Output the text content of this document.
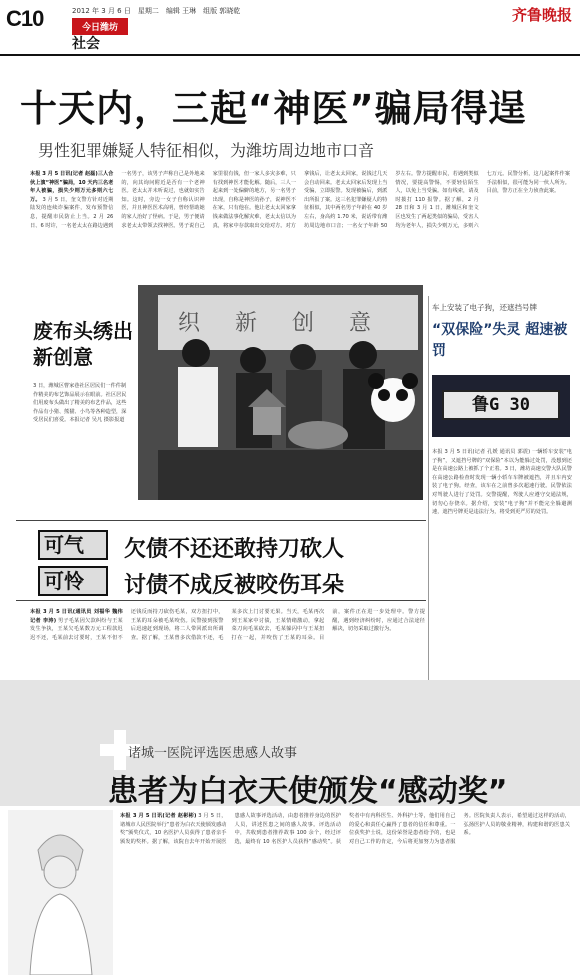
C10	2012 年 3 月 6 日　星期二　编辑 王琳　组版 郭晓乾
今日潍坊
社会
齐鲁晚报
十天内，三起“神医”骗局得逞
男性犯罪嫌疑人特征相似，为潍坊周边地市口音
本报 3 月 5 日讯(记者 赵磊)三人合伙上演“神医”骗局，10 天内三名老年人被骗，损失少则万元多则六七万。 3 月 5 日，奎文警方针对近期陆发的连续诈骗案件，发布预警信息，提醒市民防止上当。2 月 26 日、6 时许，一名老太太在路边遇到一名男子，该男子声称自己是外地来的，向其询问附近是否有一个老神医。老太太并未听说过，也就如实告知。这时，旁边一女子自称认识神医，并且神医医术高明，曾经帮助她的家人治好了怪病。于是，男子便请求老太太带领去找神医。男子说自己家里很有钱，但一家人多灾多难，只有找到神医才能化解。随后，三人一起来到一处偏僻的地方，另一名男子出现，自称是神医的孙子，说神医不在家，只有他在。他让老太太回家拿钱来做法事化解灾难，老太太信以为真，将家中存款取出交给对方。对方拿钱后，让老太太回家，说钱过几天会自动回来。老太太回家后发现上当受骗，立即报警。发现被骗后，到派出所报了案。这三名犯罪嫌疑人的特征相似，其中两名男子年龄在 40 岁左右，身高约 1.70 米，说话带有潍坊周边地市口音；一名女子年龄 50 岁左右。警方提醒市民，若遇到类似情况，要提高警惕，不要轻信陌生人，以免上当受骗。如有线索，请及时拨打 110 报警。据了解，2 月 28 日和 3 月 1 日，潍城区和奎文区也发生了两起类似的骗局，受害人均为老年人，损失少则万元，多则六七万元。民警分析，这几起案件作案手法相似，很可能为同一伙人所为。目前，警方正在全力侦查此案。
织 新 创 意
废布头绣出新创意
3 日，潍城区曹家巷社区居民们一件件制作精美的布艺饰品展示在眼前。社区居民们用废布头做出了精美的布艺作品，这些作品有小猪、熊猫、小鸟等各种造型，深受居民们喜爱。本报记者 吴凡 摄影报道
车上安装了电子狗，还遮挡号牌
“双保险”失灵 超速被罚
鲁G 30
本报 3 月 5 日讯(记者 孔媛 通讯员 郭震) 一辆轿车安装“电子狗”，又遮挡号牌的“双保险”本以为能躲过处罚，没想到还是在高速公路上被抓了个正着。3 日，潍坊高速交警大队民警在高速公路检查时发现一辆小轿车车牌被遮挡，并且车内安装了电子狗。经查，该车在之前曾多次超速行驶。民警依法对驾驶人进行了处罚。交警提醒，驾驶人应遵守交通法规，切勿心存侥幸。据介绍，安装“电子狗”并不能完全躲避测速，遮挡号牌更是违法行为，将受到更严厉的处罚。
可气	欠债不还还敢持刀砍人
可怜	讨债不成反被咬伤耳朵
本报 3 月 5 日讯(通讯员 刘福华 魏伟 记者 李涛) 男子毛某因欠款纠纷与王某发生争执，王某欠毛某数万元工程款迟迟不还，毛某前去讨要时，王某不但不还钱反而持刀砍伤毛某，双方扭打中，王某的耳朵被毛某咬伤。民警接到报警后迅速赶到现场，将二人带回派出所调查。据了解，王某曾多次借款不还，毛某多次上门讨要无果。当天，毛某再次到王某家中讨债，王某情绪激动，拿起菜刀向毛某砍去，毛某躲闪中与王某扭打在一起，并咬伤了王某的耳朵。目前，案件正在进一步处理中。警方提醒，遇到经济纠纷时，应通过合法途径解决，切勿采取过激行为。
诸城一医院评选医患感人故事
患者为白衣天使颁发“感动奖”
本报 3 月 5 日讯(记者 赵彬彬) 3 月 5 日，诸城市人民医院举行“患者为白衣天使颁发感动奖”颁奖仪式，10 名医护人员获得了患者亲手颁发的奖杯。据了解，该院自去年开始开展医患感人故事评选活动，由患者推荐身边的医护人员，讲述医患之间的感人故事。评选活动中，共收到患者推荐故事 100 余个，经过评选，最终有 10 名医护人员获得“感动奖”。获奖者中有内科医生、外科护士等，他们用自己的爱心和责任心赢得了患者的信任和尊重。一位获奖护士说，这份荣誉是患者给予的，也是对自己工作的肯定，今后将更加努力为患者服务。医院负责人表示，希望通过这样的活动，弘扬医护人员的敬业精神，构建和谐的医患关系。
